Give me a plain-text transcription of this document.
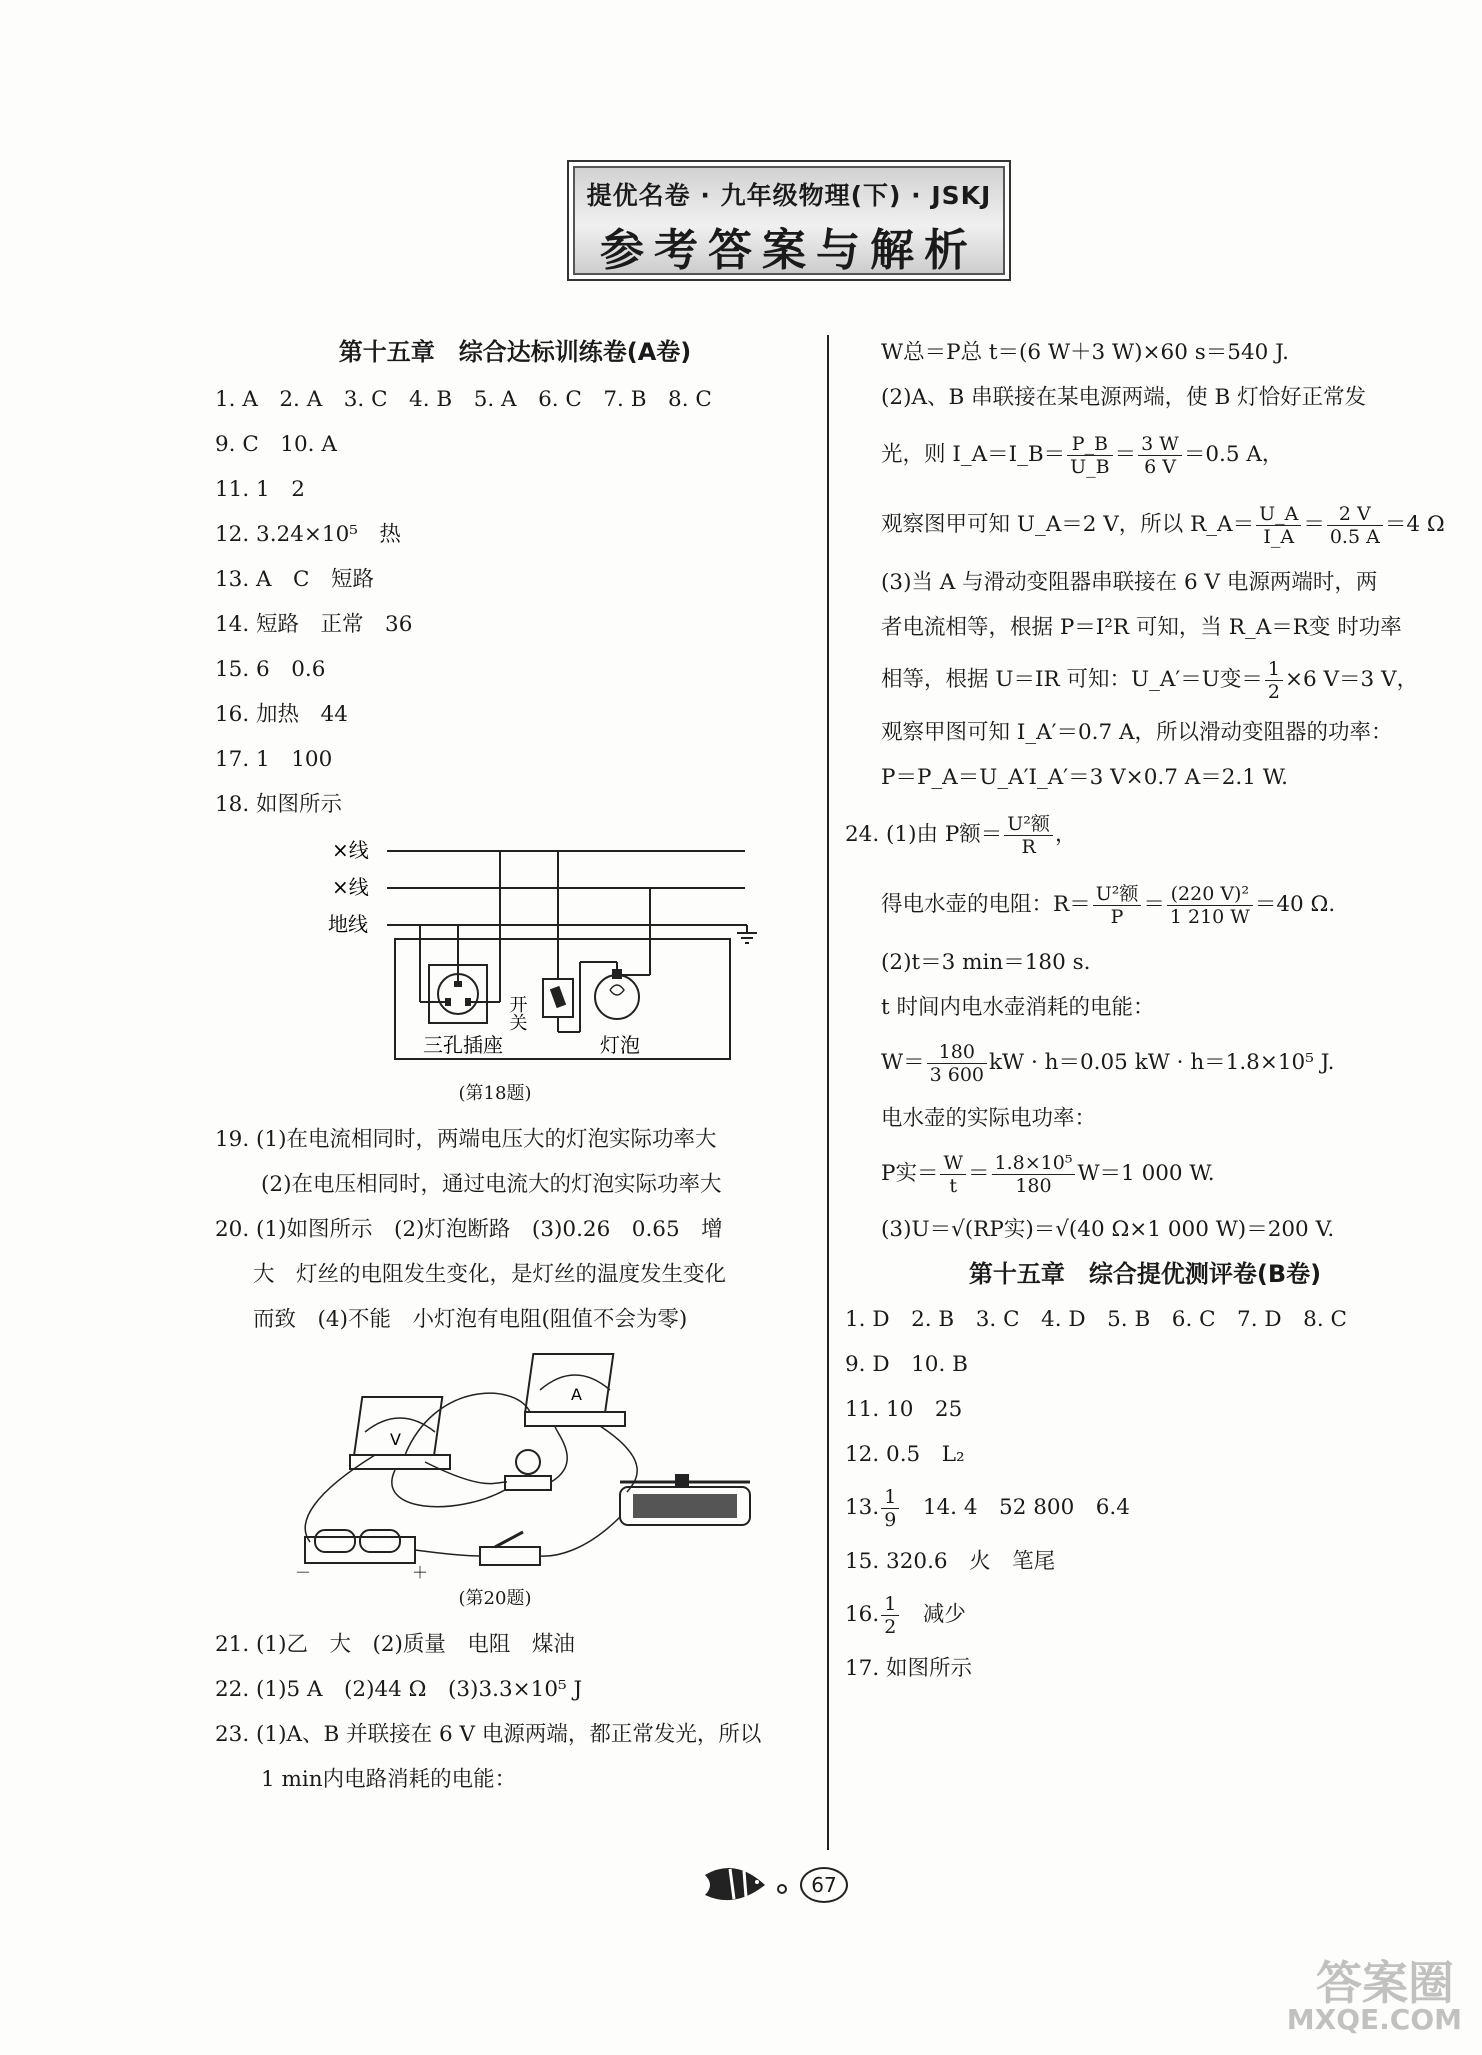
提优名卷 · 九年级物理(下) · JSKJ
参考答案与解析
第十五章　综合达标训练卷(A卷)
1. A　2. A　3. C　4. B　5. A　6. C　7. B　8. C
9. C　10. A
11. 1　2
12. 3.24×10⁵　热
13. A　C　短路
14. 短路　正常　36
15. 6　0.6
16. 加热　44
17. 1　100
18. 如图所示
×线
×线
地线
开关
三孔插座	灯泡
(第18题)
19. (1)在电流相同时，两端电压大的灯泡实际功率大
(2)在电压相同时，通过电流大的灯泡实际功率大
20. (1)如图所示　(2)灯泡断路　(3)0.26　0.65　增
大　灯丝的电阻发生变化，是灯丝的温度发生变化
而致　(4)不能　小灯泡有电阻(阻值不会为零)
A
V
－	＋
(第20题)
21. (1)乙　大　(2)质量　电阻　煤油
22. (1)5 A　(2)44 Ω　(3)3.3×10⁵ J
23. (1)A、B 并联接在 6 V 电源两端，都正常发光，所以
1 min内电路消耗的电能：
W总＝P总 t＝(6 W＋3 W)×60 s＝540 J.
(2)A、B 串联接在某电源两端，使 B 灯恰好正常发
光，则 I_A＝I_B＝ $\frac{P\_B}{U\_B} = \frac{3 W}{6 V} =0.5$ A，
观察图甲可知 U_A＝2 V，所以 R_A＝ $\frac{U\_A}{I\_A} = \frac{2 V}{0.5 A} =4$ Ω
(3)当 A 与滑动变阻器串联接在 6 V 电源两端时，两
者电流相等，根据 P＝I²R 可知，当 R_A＝R变 时功率
相等，根据 U＝IR 可知：U_A′＝U变＝ $\frac{1}{2} \times 6$ V＝3 V，
观察甲图可知 I_A′＝0.7 A，所以滑动变阻器的功率：
P＝P_A＝U_A′I_A′＝3 V×0.7 A＝2.1 W.
24. (1)由 P额＝ U²额
R ，
得电水壶的电阻：R＝ U²额
$P = \frac{\text{(220 V)²}}{1 210 W} =40$ Ω.
(2)t＝3 min＝180 s.
t 时间内电水壶消耗的电能：
$W= \frac{180}{3 600}$ kW · h＝0.05 kW · h＝1.8×10⁵ J.
电水壶的实际电功率：
P实＝ $\frac{W}{t} = \frac{\text{1.8×10⁵}}{180} W=1$ 000 W.
(3)U＝√(RP实)＝√(40 Ω×1 000 W)＝200 V.
第十五章　综合提优测评卷(B卷)
1. D　2. B　3. C　4. D　5. B　6. C　7. D　8. C
9. D　10. B
11. 10　25
12. 0.5　L₂
13. $\frac{1}{9}$
　 14. 4　52 800　6.4
15. 320.6　火　笔尾
16. $\frac{1}{2}$
　 减少
17. 如图所示
67
答案圈
MXQE.COM
